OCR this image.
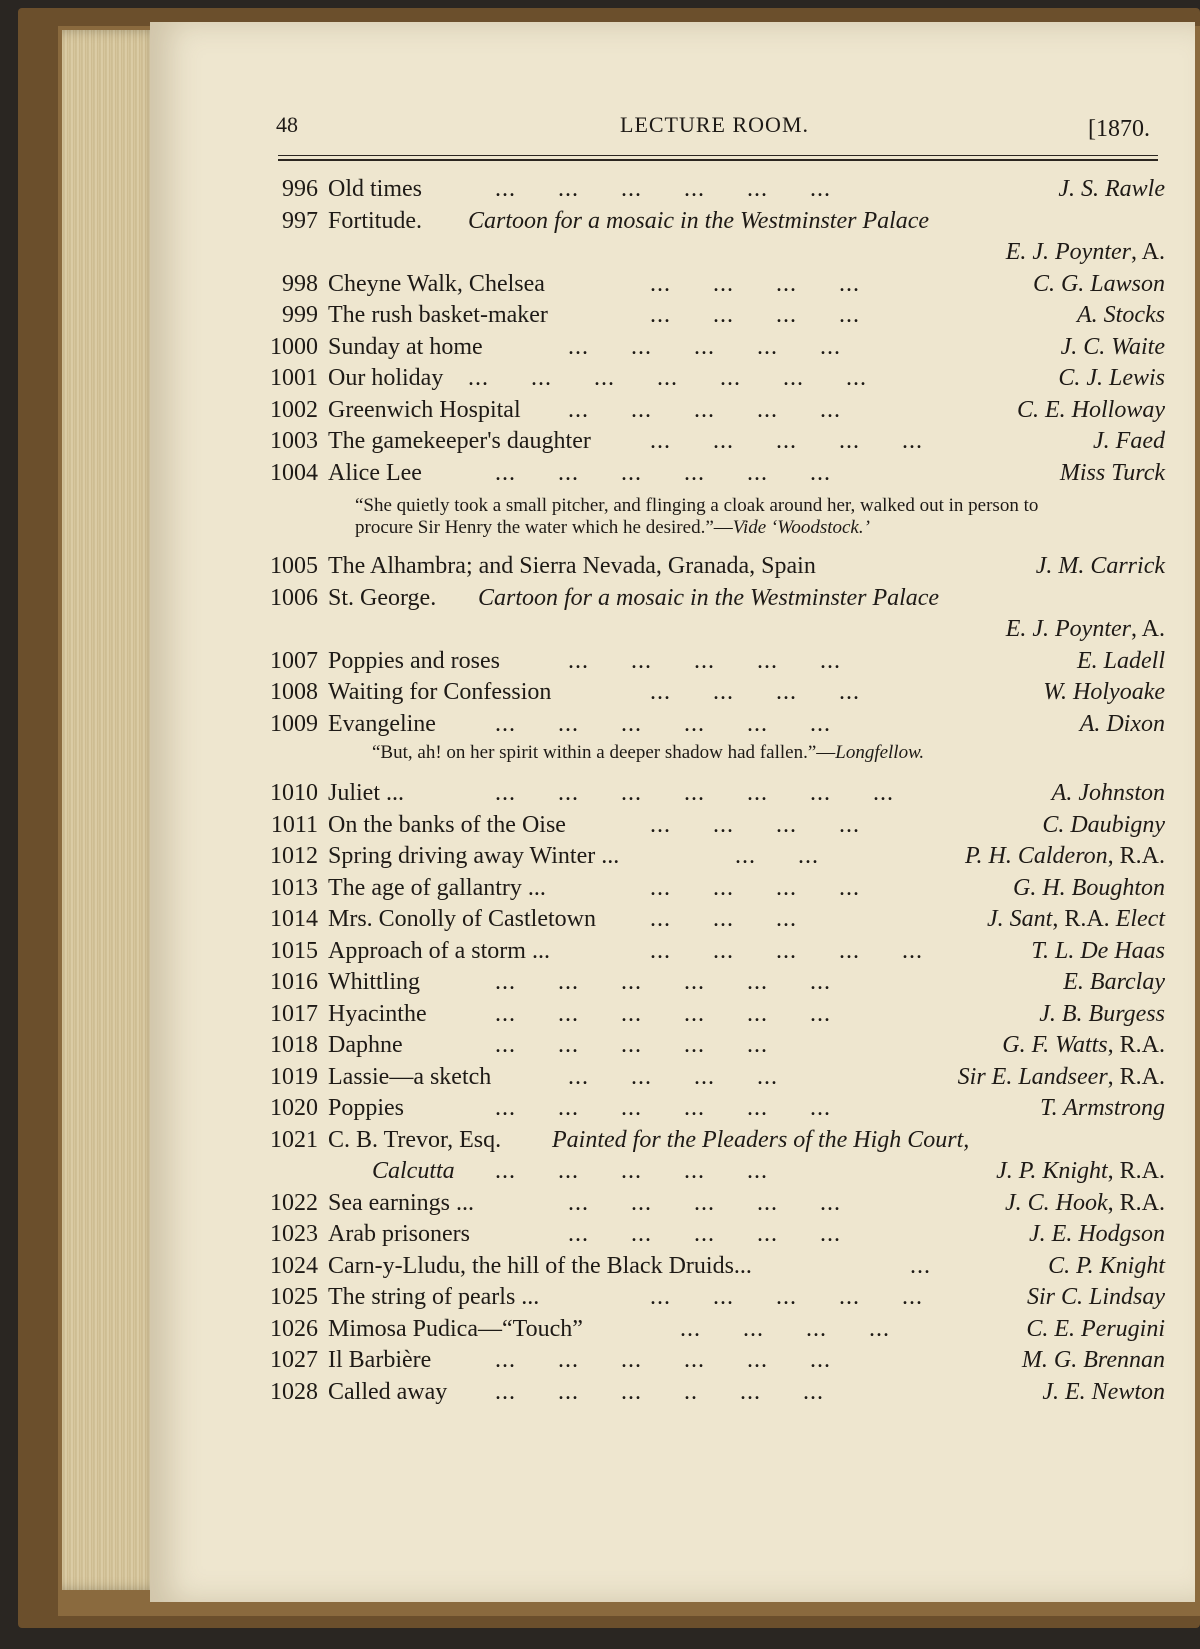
48	LECTURE ROOM.	[1870.
996 Old times	...      ...      ...      ...      ...      ...	J. S. Rawle
997 Fortitude. Cartoon for a mosaic in the Westminster Palace
E. J. Poynter, A.
998 Cheyne Walk, Chelsea	...      ...      ...      ...	C. G. Lawson
999 The rush basket-maker	...      ...      ...      ...	A. Stocks
1000 Sunday at home	...      ...      ...      ...      ...	J. C. Waite
1001 Our holiday ...      ...      ...      ...      ...      ...      ...	C. J. Lewis
1002 Greenwich Hospital ...      ...      ...      ...      ...	C. E. Holloway
1003 The gamekeeper's daughter ...      ...      ...      ...      ...	J. Faed
1004 Alice Lee	...      ...      ...      ...      ...      ...	Miss Turck
“She quietly took a small pitcher, and flinging a cloak around her, walked out in person to procure Sir Henry the water which he desired.”—Vide ‘Woodstock.’
1005 The Alhambra; and Sierra Nevada, Granada, Spain	J. M. Carrick
1006 St. George. Cartoon for a mosaic in the Westminster Palace
E. J. Poynter, A.
1007 Poppies and roses	...      ...      ...      ...      ...	E. Ladell
1008 Waiting for Confession	...      ...      ...      ...	W. Holyoake
1009 Evangeline ...      ...      ...      ...      ...      ...	A. Dixon
“But, ah! on her spirit within a deeper shadow had fallen.”—Longfellow.
1010 Juliet ...	...      ...      ...      ...      ...      ...      ...	A. Johnston
1011 On the banks of the Oise	...      ...      ...      ...	C. Daubigny
1012 Spring driving away Winter ...	...      ...	P. H. Calderon, R.A.
1013 The age of gallantry ...	...      ...      ...      ...	G. H. Boughton
1014 Mrs. Conolly of Castletown ...      ...      ...	J. Sant, R.A. Elect
1015 Approach of a storm ...	...      ...      ...      ...      ...	T. L. De Haas
1016 Whittling	...      ...      ...      ...      ...      ...	E. Barclay
1017 Hyacinthe	...      ...      ...      ...      ...      ...	J. B. Burgess
1018 Daphne	...      ...      ...      ...      ...	G. F. Watts, R.A.
1019 Lassie—a sketch	...      ...      ...      ...	Sir E. Landseer, R.A.
1020 Poppies	...      ...      ...      ...      ...      ...	T. Armstrong
1021 C. B. Trevor, Esq. Painted for the Pleaders of the High Court,
Calcutta ...      ...      ...      ...      ...	J. P. Knight, R.A.
1022 Sea earnings ...	...      ...      ...      ...      ...	J. C. Hook, R.A.
1023 Arab prisoners	...      ...      ...      ...      ...	J. E. Hodgson
1024 Carn-y-Lludu, the hill of the Black Druids...	...	C. P. Knight
1025 The string of pearls ...	...      ...      ...      ...      ...	Sir C. Lindsay
1026 Mimosa Pudica—“Touch”	...      ...      ...      ...	C. E. Perugini
1027 Il Barbière	...      ...      ...      ...      ...      ...	M. G. Brennan
1028 Called away ...      ...      ...      ..      ...      ...	J. E. Newton
